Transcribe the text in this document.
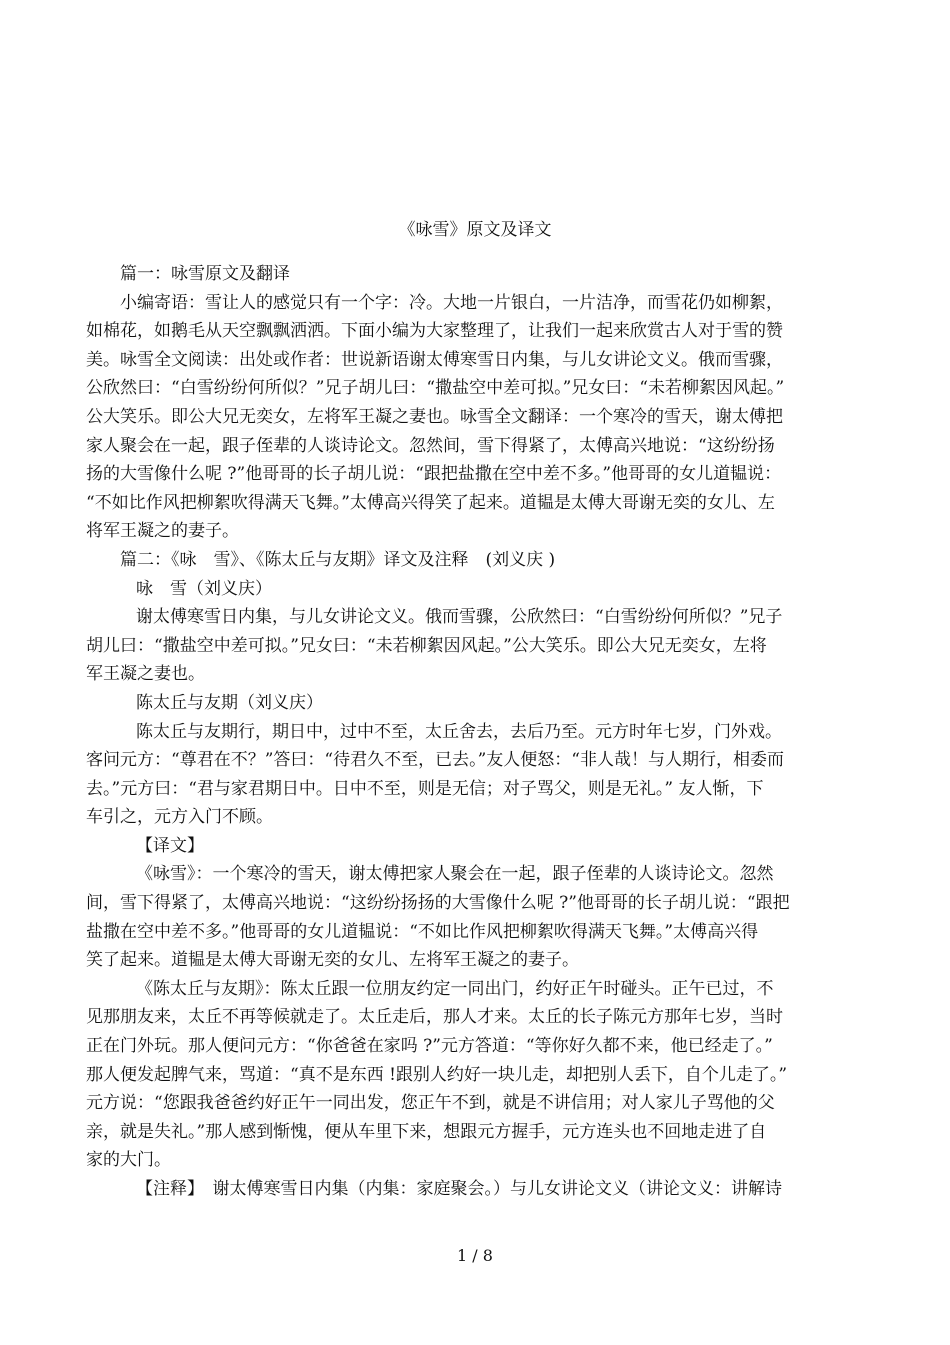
《咏雪》原文及译文
篇一：咏雪原文及翻译
小编寄语：雪让人的感觉只有一个字：冷。大地一片银白，一片洁净，而雪花仍如柳絮，
如棉花，如鹅毛从天空飘飘洒洒。下面小编为大家整理了，让我们一起来欣赏古人对于雪的赞
美。咏雪全文阅读：出处或作者：世说新语谢太傅寒雪日内集，与儿女讲论文义。俄而雪骤，
公欣然曰：“白雪纷纷何所似？”兄子胡儿曰：“撒盐空中差可拟。”兄女曰：“未若柳絮因风起。”
公大笑乐。即公大兄无奕女，左将军王凝之妻也。咏雪全文翻译：一个寒冷的雪天，谢太傅把
家人聚会在一起，跟子侄辈的人谈诗论文。忽然间，雪下得紧了，太傅高兴地说：“这纷纷扬
扬的大雪像什么呢 ?”他哥哥的长子胡儿说：“跟把盐撒在空中差不多。”他哥哥的女儿道韫说：
“不如比作风把柳絮吹得满天飞舞。”太傅高兴得笑了起来。道韫是太傅大哥谢无奕的女儿、左
将军王凝之的妻子。
篇二：《咏　雪》、《陈太丘与友期》译文及注释　(刘义庆 )
咏　雪（刘义庆）
谢太傅寒雪日内集，与儿女讲论文义。俄而雪骤，公欣然曰：“白雪纷纷何所似？”兄子
胡儿曰：“撒盐空中差可拟。”兄女曰：“未若柳絮因风起。”公大笑乐。即公大兄无奕女，左将
军王凝之妻也。
陈太丘与友期（刘义庆）
陈太丘与友期行，期日中，过中不至，太丘舍去，去后乃至。元方时年七岁，门外戏。
客问元方：“尊君在不？”答曰：“待君久不至，已去。”友人便怒：“非人哉！与人期行，相委而
去。”元方曰：“君与家君期日中。日中不至，则是无信；对子骂父，则是无礼。” 友人惭，下
车引之，元方入门不顾。
【译文】
《咏雪》：一个寒冷的雪天，谢太傅把家人聚会在一起，跟子侄辈的人谈诗论文。忽然
间，雪下得紧了，太傅高兴地说：“这纷纷扬扬的大雪像什么呢 ?”他哥哥的长子胡儿说：“跟把
盐撒在空中差不多。”他哥哥的女儿道韫说：“不如比作风把柳絮吹得满天飞舞。”太傅高兴得
笑了起来。道韫是太傅大哥谢无奕的女儿、左将军王凝之的妻子。
《陈太丘与友期》：陈太丘跟一位朋友约定一同出门，约好正午时碰头。正午已过，不
见那朋友来，太丘不再等候就走了。太丘走后，那人才来。太丘的长子陈元方那年七岁，当时
正在门外玩。那人便问元方：“你爸爸在家吗 ?”元方答道：“等你好久都不来，他已经走了。”
那人便发起脾气来，骂道：“真不是东西 !跟别人约好一块儿走，却把别人丢下，自个儿走了。”
元方说：“您跟我爸爸约好正午一同出发，您正午不到，就是不讲信用；对人家儿子骂他的父
亲，就是失礼。”那人感到惭愧，便从车里下来，想跟元方握手，元方连头也不回地走进了自
家的大门。
【注释】　谢太傅寒雪日内集（内集：家庭聚会。）与儿女讲论文义（讲论文义：讲解诗
1 / 8
